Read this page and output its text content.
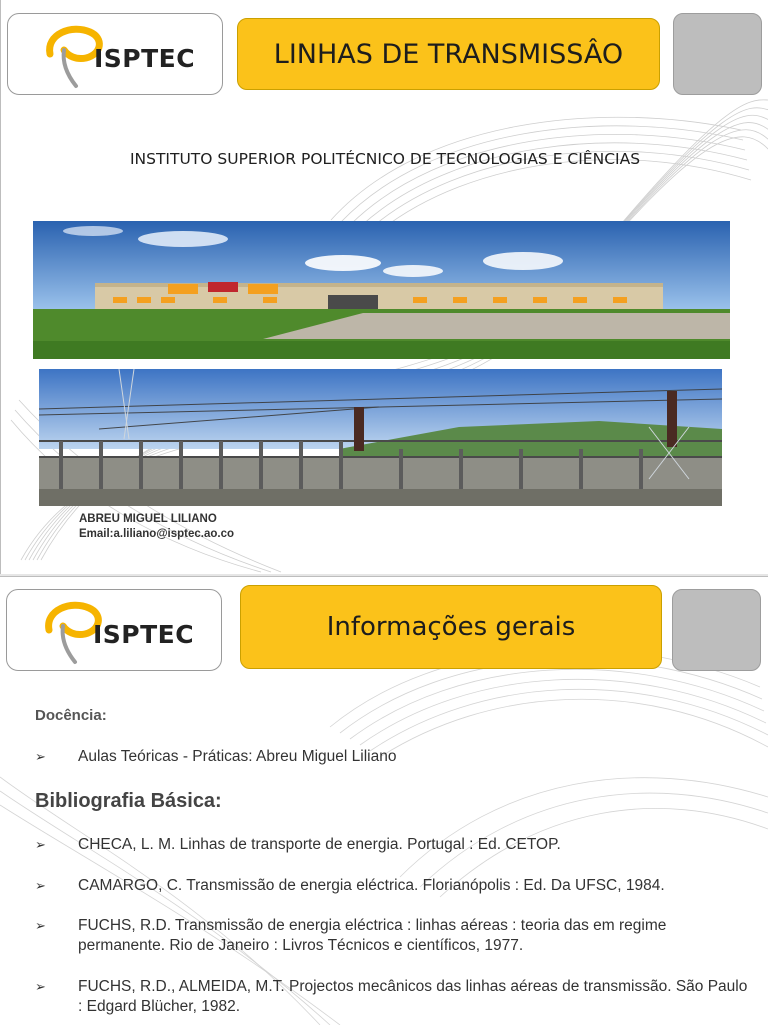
ISPTEC	LINHAS DE TRANSMISSÂO
INSTITUTO SUPERIOR POLITÉCNICO DE TECNOLOGIAS E CIÊNCIAS
ABREU MIGUEL LILIANO
Email:a.liliano@isptec.ao.co
ISPTEC	Informações gerais
Docência:
➢ Aulas Teóricas - Práticas: Abreu Miguel Liliano
Bibliografia Básica:
➢ CHECA, L. M. Linhas de transporte de energia. Portugal : Ed. CETOP.
➢ CAMARGO, C. Transmissão de energia eléctrica. Florianópolis : Ed. Da UFSC, 1984.
➢ FUCHS, R.D. Transmissão de energia eléctrica : linhas aéreas : teoria das em regime permanente. Rio de Janeiro : Livros Técnicos e científicos, 1977.
➢ FUCHS, R.D., ALMEIDA, M.T. Projectos mecânicos das linhas aéreas de transmissão. São Paulo : Edgard Blücher, 1982.
